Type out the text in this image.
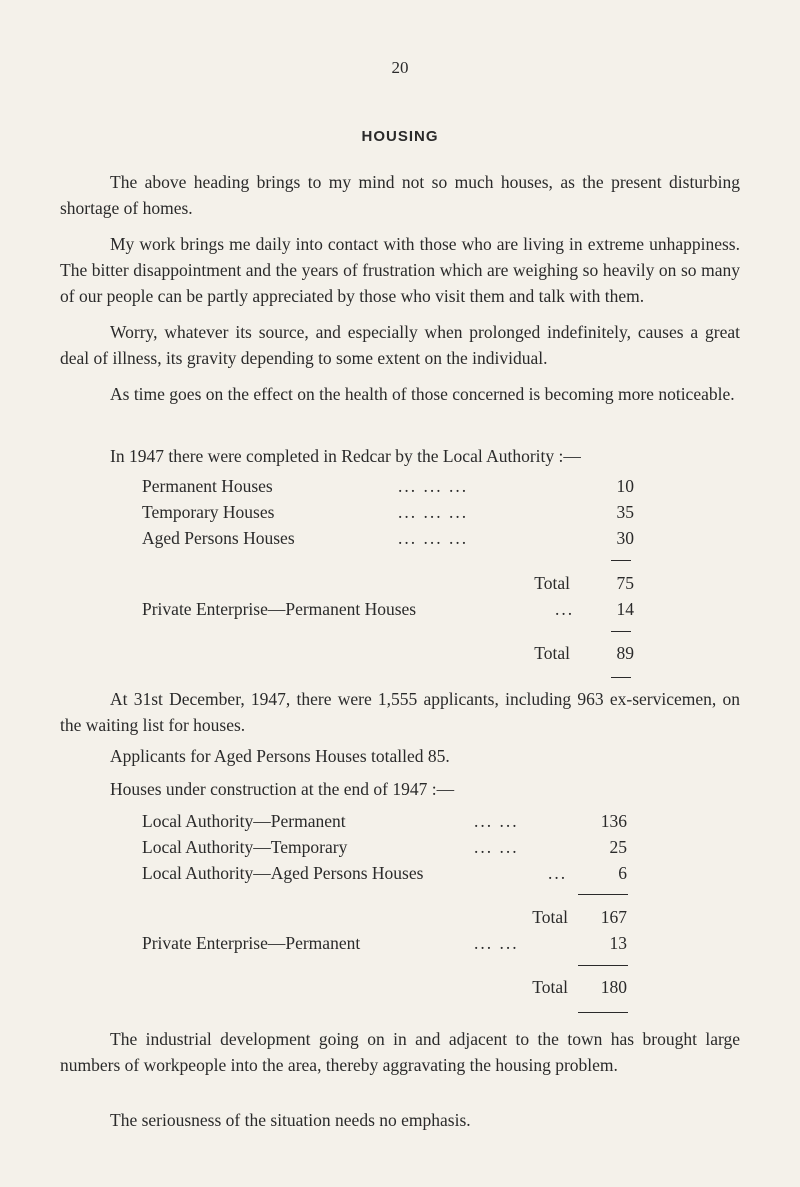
20
HOUSING

The above heading brings to my mind not so much houses, as the present disturbing shortage of homes.

My work brings me daily into contact with those who are living in extreme unhappiness. The bitter disappointment and the years of frustration which are weighing so heavily on so many of our people can be partly appreciated by those who visit them and talk with them.

Worry, whatever its source, and especially when prolonged indefinitely, causes a great deal of illness, its gravity depending to some extent on the individual.

As time goes on the effect on the health of those concerned is becoming more noticeable.

In 1947 there were completed in Redcar by the Local Authority :—

Permanent Houses	... ... ...	10
Temporary Houses	... ... ...	35
Aged Persons Houses	... ... ...	30
Total	75
Private Enterprise—Permanent Houses	...	14
Total	89

At 31st December, 1947, there were 1,555 applicants, including 963 ex-servicemen, on the waiting list for houses.

Applicants for Aged Persons Houses totalled 85.

Houses under construction at the end of 1947 :—

Local Authority—Permanent	... ...	136
Local Authority—Temporary	... ...	25
Local Authority—Aged Persons Houses	...	6
Total	167
Private Enterprise—Permanent	... ...	13
Total	180

The industrial development going on in and adjacent to the town has brought large numbers of workpeople into the area, thereby aggravating the housing problem.

The seriousness of the situation needs no emphasis.
